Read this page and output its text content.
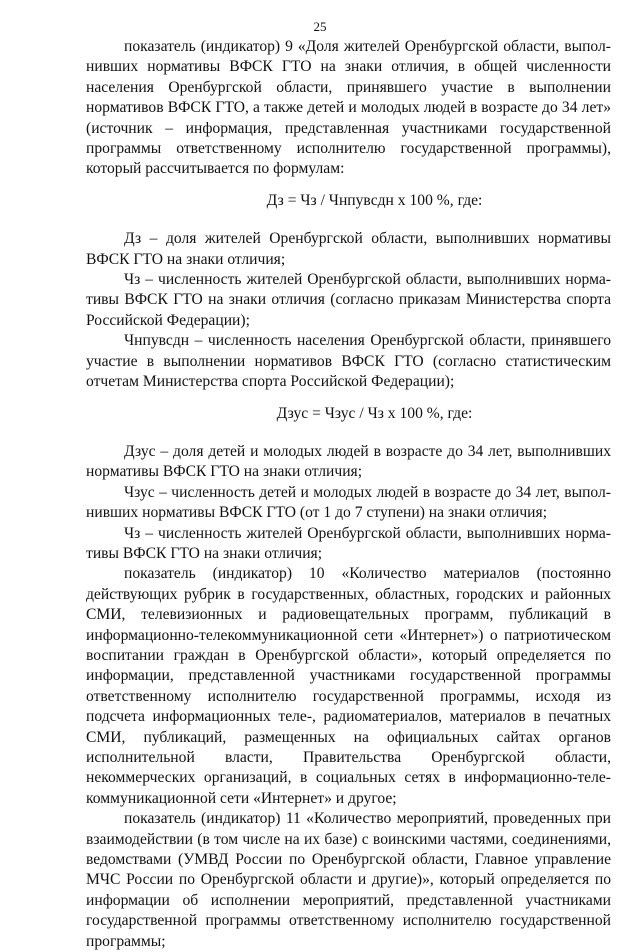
25

показатель (индикатор) 9 «Доля жителей Оренбургской области, выполнивших нормативы ВФСК ГТО на знаки отличия, в общей численности населения Оренбургской области, принявшего участие в выполнении нормативов ВФСК ГТО, а также детей и молодых людей в возрасте до 34 лет» (источник – информация, представленная участниками государственной программы ответственному исполнителю государственной программы), который рассчитывается по формулам:

Дз = Чз / Чнпувсдн х 100 %, где:

Дз – доля жителей Оренбургской области, выполнивших нормативы ВФСК ГТО на знаки отличия;

Чз – численность жителей Оренбургской области, выполнивших нормативы ВФСК ГТО на знаки отличия (согласно приказам Министерства спорта Российской Федерации);

Чнпувсдн – численность населения Оренбургской области, принявшего участие в выполнении нормативов ВФСК ГТО (согласно статистическим отчетам Министерства спорта Российской Федерации);

Дзус = Чзус / Чз х 100 %, где:

Дзус – доля детей и молодых людей в возрасте до 34 лет, выполнивших нормативы ВФСК ГТО на знаки отличия;

Чзус – численность детей и молодых людей в возрасте до 34 лет, выполнивших нормативы ВФСК ГТО (от 1 до 7 ступени) на знаки отличия;

Чз – численность жителей Оренбургской области, выполнивших нормативы ВФСК ГТО на знаки отличия;

показатель (индикатор) 10 «Количество материалов (постоянно действующих рубрик в государственных, областных, городских и районных СМИ, телевизионных и радиовещательных программ, публикаций в информационно-телекоммуникационной сети «Интернет») о патриотическом воспитании граждан в Оренбургской области», который определяется по информации, представленной участниками государственной программы ответственному исполнителю государственной программы, исходя из подсчета информационных теле-, радиоматериалов, материалов в печатных СМИ, публикаций, размещенных на официальных сайтах органов исполнительной власти, Правительства Оренбургской области, некоммерческих организаций, в социальных сетях в информационно-телекоммуникационной сети «Интернет» и другое;

показатель (индикатор) 11 «Количество мероприятий, проведенных при взаимодействии (в том числе на их базе) с воинскими частями, соединениями, ведомствами (УМВД России по Оренбургской области, Главное управление МЧС России по Оренбургской области и другие)», который определяется по информации об исполнении мероприятий, представленной участниками государственной программы ответственному исполнителю государственной программы;
